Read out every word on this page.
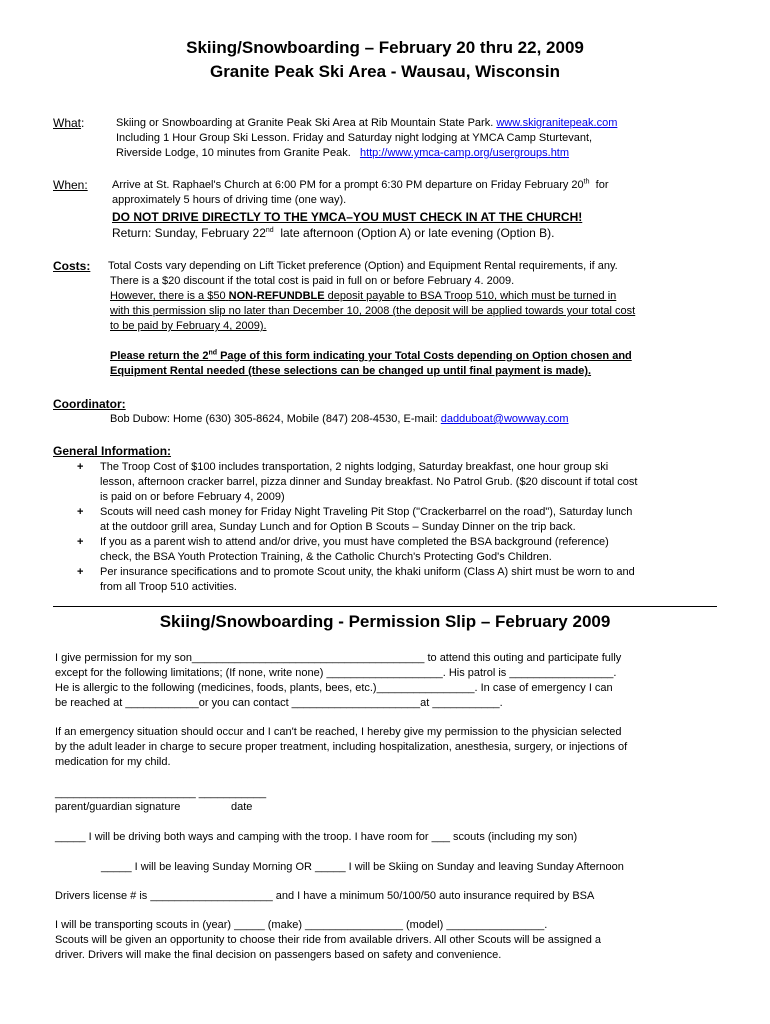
Skiing/Snowboarding – February 20 thru 22, 2009
Granite Peak Ski Area - Wausau, Wisconsin
What:	Skiing or Snowboarding at Granite Peak Ski Area at Rib Mountain State Park. www.skigranitepeak.com
Including 1 Hour Group Ski Lesson. Friday and Saturday night lodging at YMCA Camp Sturtevant,
Riverside Lodge, 10 minutes from Granite Peak. http://www.ymca-camp.org/usergroups.htm
When: Arrive at St. Raphael's Church at 6:00 PM for a prompt 6:30 PM departure on Friday February 20th for
approximately 5 hours of driving time (one way).
DO NOT DRIVE DIRECTLY TO THE YMCA–YOU MUST CHECK IN AT THE CHURCH!
Return: Sunday, February 22nd late afternoon (Option A) or late evening (Option B).
Costs: Total Costs vary depending on Lift Ticket preference (Option) and Equipment Rental requirements, if any.
There is a $20 discount if the total cost is paid in full on or before February 4. 2009.
However, there is a $50 NON-REFUNDBLE deposit payable to BSA Troop 510, which must be turned in
with this permission slip no later than December 10, 2008 (the deposit will be applied towards your total cost
to be paid by February 4, 2009).
Please return the 2nd Page of this form indicating your Total Costs depending on Option chosen and
Equipment Rental needed (these selections can be changed up until final payment is made).
Coordinator:
Bob Dubow: Home (630) 305-8624, Mobile (847) 208-4530, E-mail: dadduboat@wowway.com
General Information:
+ The Troop Cost of $100 includes transportation, 2 nights lodging, Saturday breakfast, one hour group ski
lesson, afternoon cracker barrel, pizza dinner and Sunday breakfast. No Patrol Grub. ($20 discount if total cost
is paid on or before February 4, 2009)
+ Scouts will need cash money for Friday Night Traveling Pit Stop ("Crackerbarrel on the road"), Saturday lunch
at the outdoor grill area, Sunday Lunch and for Option B Scouts – Sunday Dinner on the trip back.
+ If you as a parent wish to attend and/or drive, you must have completed the BSA background (reference)
check, the BSA Youth Protection Training, & the Catholic Church's Protecting God's Children.
+ Per insurance specifications and to promote Scout unity, the khaki uniform (Class A) shirt must be worn to and
from all Troop 510 activities.
Skiing/Snowboarding - Permission Slip – February 2009
I give permission for my son______________________________________ to attend this outing and participate fully
except for the following limitations; (If none, write none) ___________________. His patrol is _________________.
He is allergic to the following (medicines, foods, plants, bees, etc.)________________. In case of emergency I can
be reached at ____________or you can contact _____________________at ___________.
If an emergency situation should occur and I can't be reached, I hereby give my permission to the physician selected
by the adult leader in charge to secure proper treatment, including hospitalization, anesthesia, surgery, or injections of
medication for my child.
_______________________ ___________
parent/guardian signature	date
_____ I will be driving both ways and camping with the troop. I have room for ___ scouts (including my son)
_____ I will be leaving Sunday Morning OR _____ I will be Skiing on Sunday and leaving Sunday Afternoon
Drivers license # is ____________________ and I have a minimum 50/100/50 auto insurance required by BSA
I will be transporting scouts in (year) _____ (make) ________________ (model) ________________.
Scouts will be given an opportunity to choose their ride from available drivers. All other Scouts will be assigned a
driver. Drivers will make the final decision on passengers based on safety and convenience.
